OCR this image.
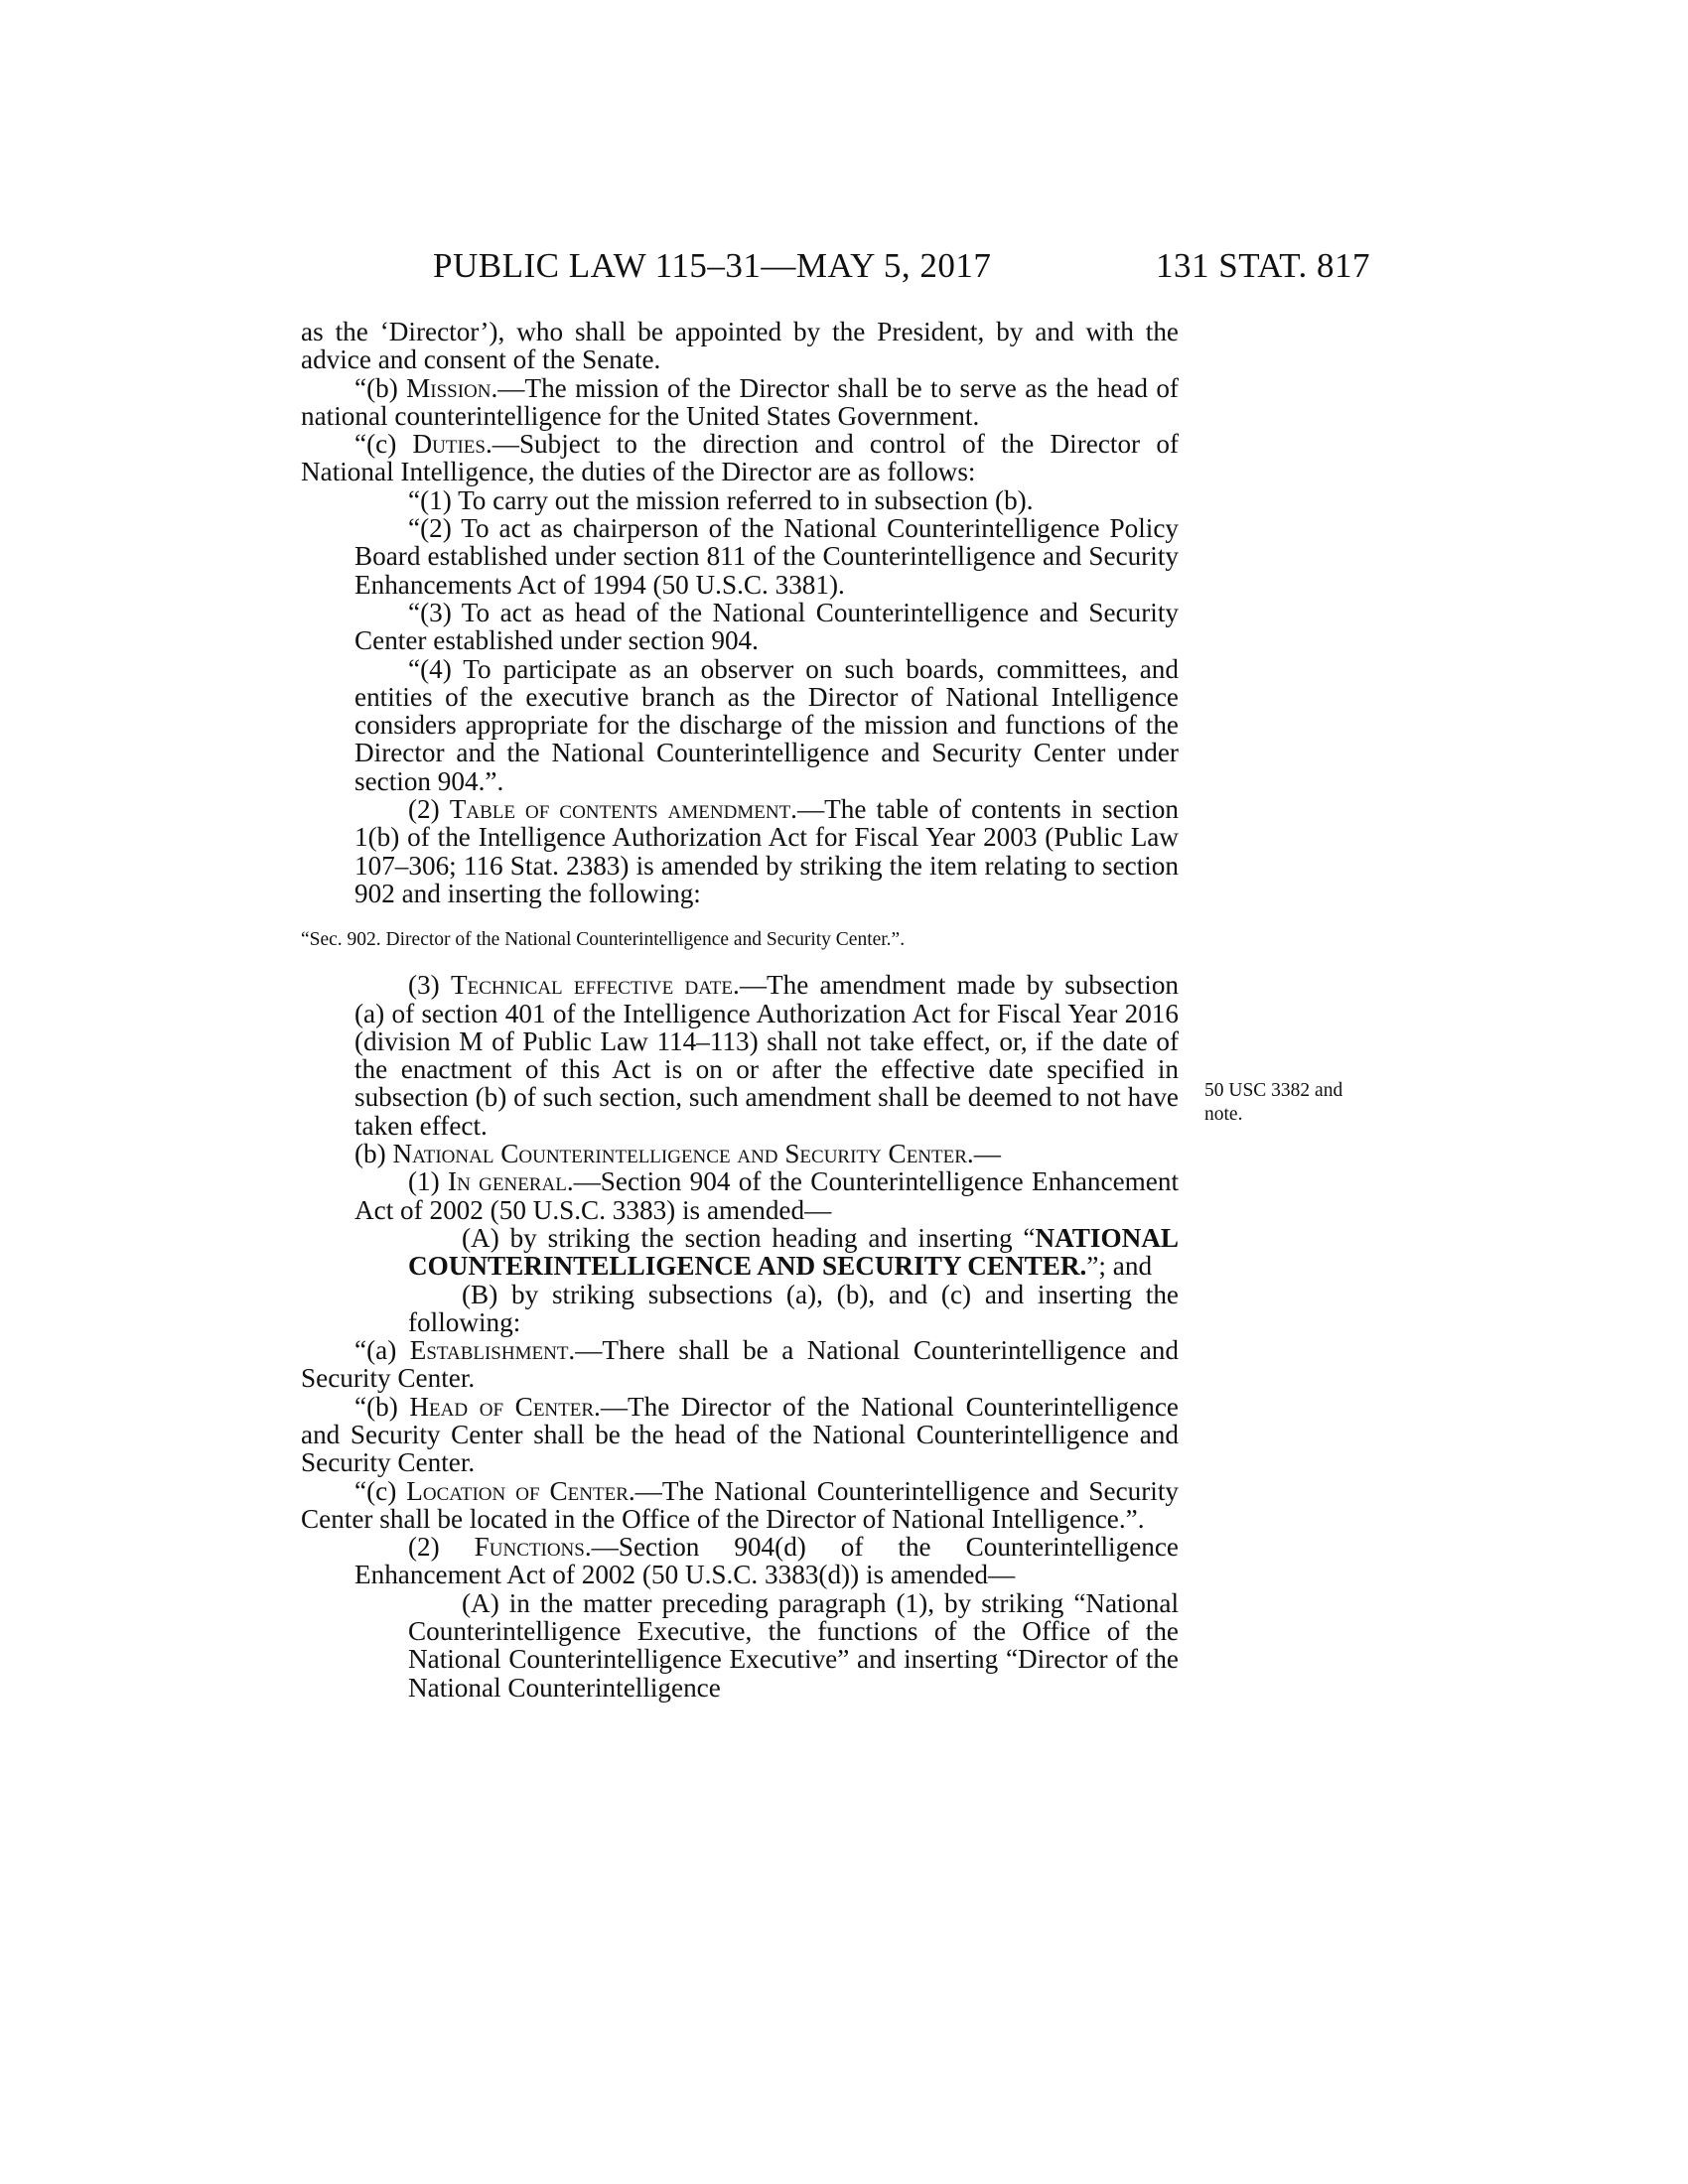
PUBLIC LAW 115–31—MAY 5, 2017	131 STAT. 817
50 USC 3382 and
note.

as the ‘Director’), who shall be appointed by the President, by and with the advice and consent of the Senate.

“(b) Mission.—The mission of the Director shall be to serve as the head of national counterintelligence for the United States Government.

“(c) Duties.—Subject to the direction and control of the Director of National Intelligence, the duties of the Director are as follows:

“(1) To carry out the mission referred to in subsection (b).

“(2) To act as chairperson of the National Counterintelligence Policy Board established under section 811 of the Counterintelligence and Security Enhancements Act of 1994 (50 U.S.C. 3381).

“(3) To act as head of the National Counterintelligence and Security Center established under section 904.

“(4) To participate as an observer on such boards, committees, and entities of the executive branch as the Director of National Intelligence considers appropriate for the discharge of the mission and functions of the Director and the National Counterintelligence and Security Center under section 904.”.

(2) Table of contents amendment.—The table of contents in section 1(b) of the Intelligence Authorization Act for Fiscal Year 2003 (Public Law 107–306; 116 Stat. 2383) is amended by striking the item relating to section 902 and inserting the following:

“Sec. 902. Director of the National Counterintelligence and Security Center.”.

(3) Technical effective date.—The amendment made by subsection (a) of section 401 of the Intelligence Authorization Act for Fiscal Year 2016 (division M of Public Law 114–113) shall not take effect, or, if the date of the enactment of this Act is on or after the effective date specified in subsection (b) of such section, such amendment shall be deemed to not have taken effect.

(b) National Counterintelligence and Security Center.—

(1) In general.—Section 904 of the Counterintelligence Enhancement Act of 2002 (50 U.S.C. 3383) is amended—

(A) by striking the section heading and inserting “NATIONAL COUNTERINTELLIGENCE AND SECURITY CENTER.”; and

(B) by striking subsections (a), (b), and (c) and inserting the following:

“(a) Establishment.—There shall be a National Counterintelligence and Security Center.

“(b) Head of Center.—The Director of the National Counterintelligence and Security Center shall be the head of the National Counterintelligence and Security Center.

“(c) Location of Center.—The National Counterintelligence and Security Center shall be located in the Office of the Director of National Intelligence.”.

(2) Functions.—Section 904(d) of the Counterintelligence Enhancement Act of 2002 (50 U.S.C. 3383(d)) is amended—

(A) in the matter preceding paragraph (1), by striking “National Counterintelligence Executive, the functions of the Office of the National Counterintelligence Executive” and inserting “Director of the National Counterintelligence
